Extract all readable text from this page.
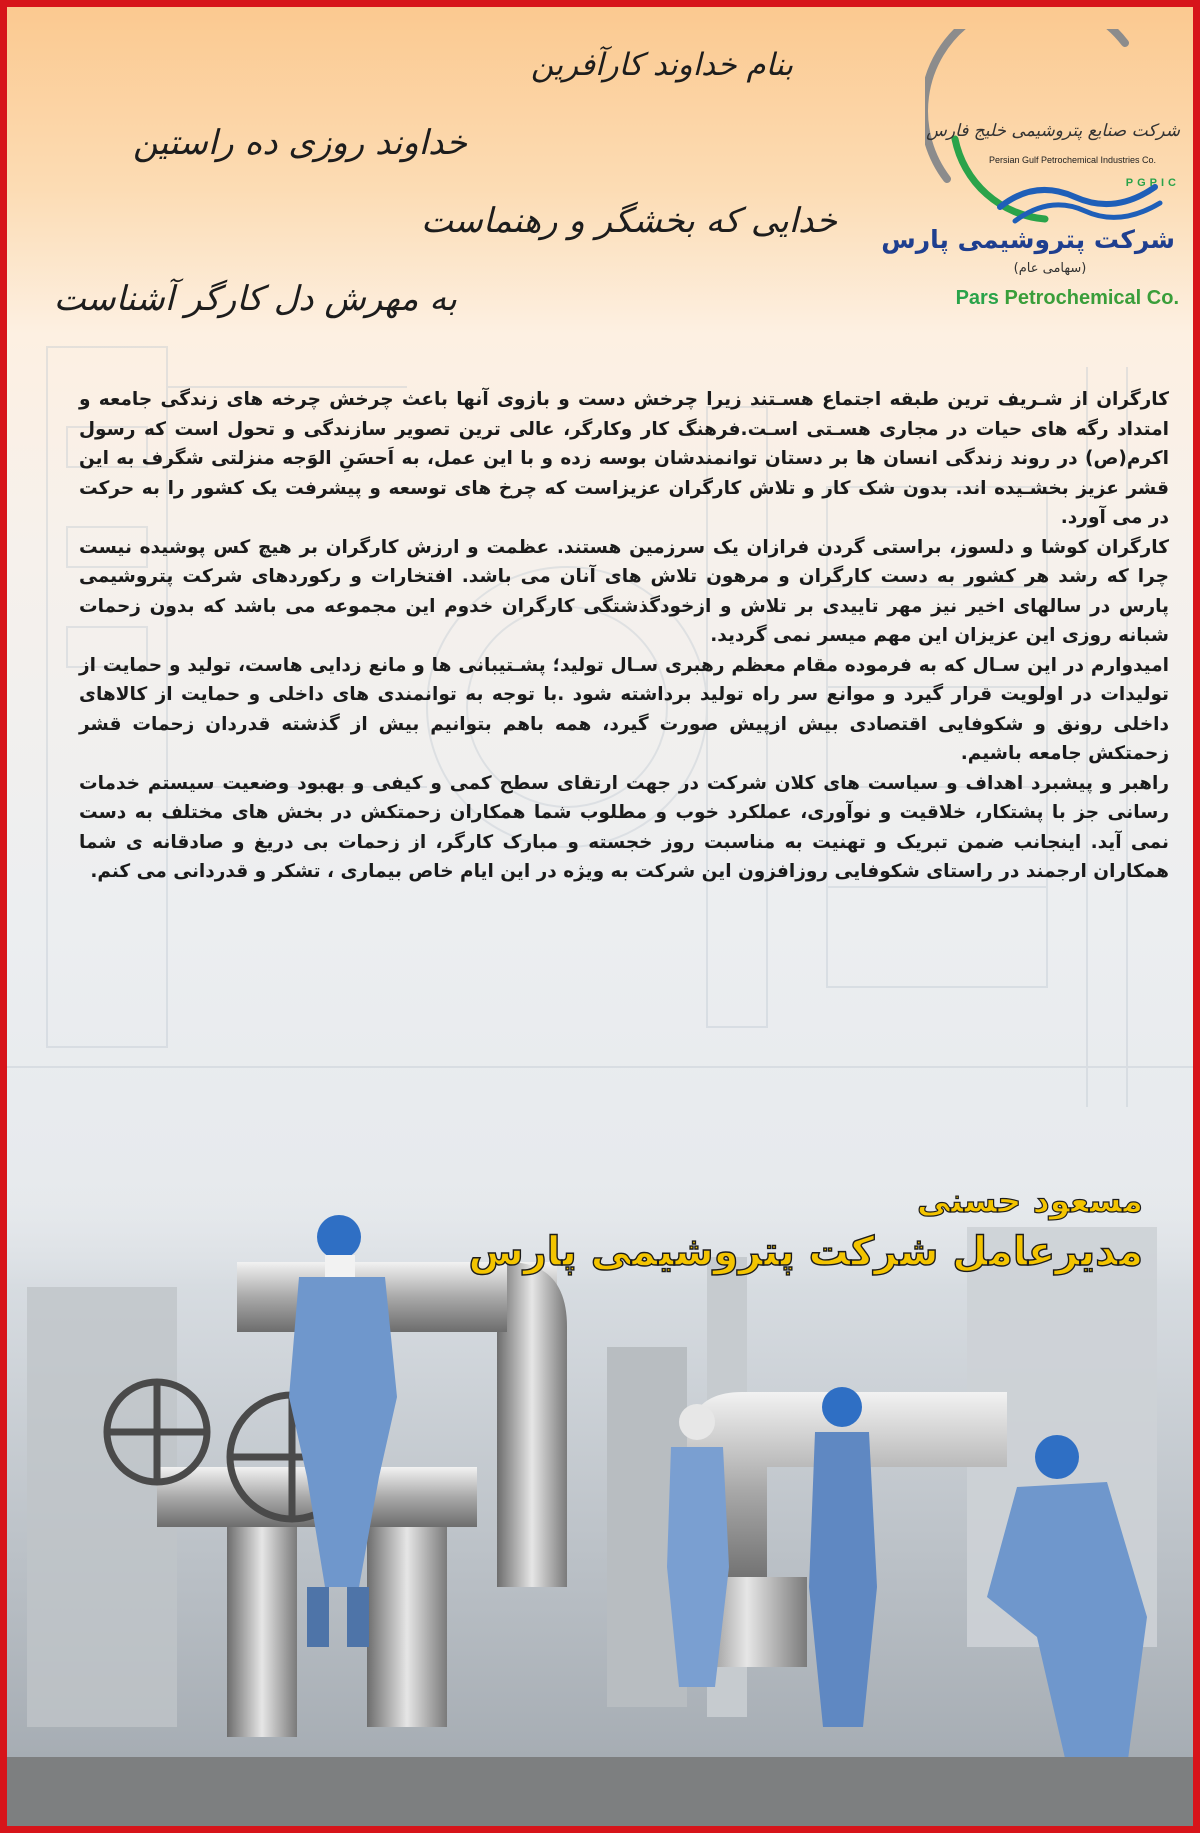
بنام خداوند کارآفرین
خداوند روزی ده راستین
خدایی که بخشگر و رهنماست
به مهرش دل کارگر آشناست
شرکت صنایع پتروشیمی خلیج فارس
Persian Gulf Petrochemical Industries Co.
PGPIC
شرکت پتروشیمی پارس
(سهامی عام)
Pars Petrochemical Co.

کارگران از شـریف ترین طبقه اجتماع هسـتند زیرا چرخش دست و بازوی آنها باعث چرخش چرخه های زندگی جامعه و امتداد رگه های حیات در مجاری هسـتی اسـت.فرهنگ کار وکارگر، عالی ترین تصویر سازندگی و تحول است که رسول اکرم(ص) در روند زندگی انسان ها بر دستان توانمندشان بوسه زده و با این عمل، به اَحسَنِ الوَجه منزلتی شگرف به این قشر عزیز بخشـیده اند. بدون شک کار و تلاش کارگران عزیزاست که چرخ های توسعه و پیشرفت یک کشور را به حرکت در می آورد.

کارگران کوشا و دلسوز، براستی گردن فرازان یک سرزمین هستند. عظمت و ارزش کارگران بر هیچ کس پوشیده نیست چرا که رشد هر کشور به دست کارگران و مرهون تلاش های آنان می باشد. افتخارات و رکوردهای شرکت پتروشیمی پارس در سالهای اخیر نیز مهر تاییدی بر تلاش و ازخودگذشتگی کارگران خدوم این مجموعه می باشد که بدون زحمات شبانه روزی این عزیزان این مهم میسر نمی گردید.

امیدوارم در این سـال که به فرموده مقام معظم رهبری سـال تولید؛ پشـتیبانی ها و مانع زدایی هاست، تولید و حمایت از تولیدات در اولویت قرار گیرد و موانع سر راه تولید برداشته شود .با توجه به توانمندی های داخلی و حمایت از کالاهای داخلی رونق و شکوفایی اقتصادی بیش ازپیش صورت گیرد، همه باهم بتوانیم بیش از گذشته قدردان زحمات قشر زحمتکش جامعه باشیم.

راهبر و پیشبرد اهداف و سیاست های کلان شرکت در جهت ارتقای سطح کمی و کیفی و بهبود وضعیت سیستم خدمات رسانی جز با پشتکار، خلاقیت و نوآوری، عملکرد خوب و مطلوب شما همکاران زحمتکش در بخش های مختلف به دست نمی آید. اینجانب ضمن تبریک و تهنیت به مناسبت روز خجسته و مبارک کارگر، از زحمات بی دریغ و صادقانه ی شما همکاران ارجمند در راستای شکوفایی روزافزون این شرکت به ویژه در این ایام خاص بیماری ، تشکر و قدردانی می کنم.

مسعود حسنی
مدیرعامل شرکت پتروشیمی پارس
